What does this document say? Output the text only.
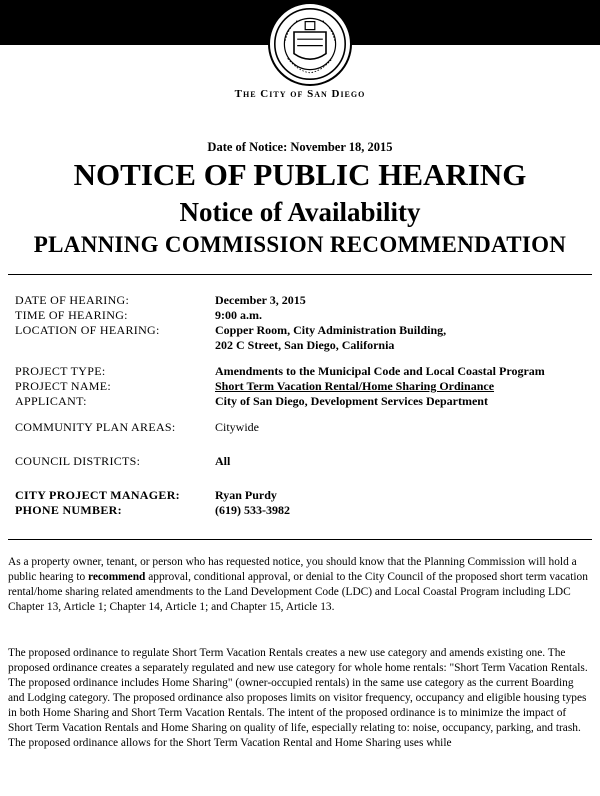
The City of San Diego
Date of Notice: November 18, 2015
NOTICE OF PUBLIC HEARING
Notice of Availability
PLANNING COMMISSION RECOMMENDATION
DATE OF HEARING:	December 3, 2015
TIME OF HEARING:	9:00 a.m.
LOCATION OF HEARING:	Copper Room, City Administration Building,
202 C Street, San Diego, California
PROJECT TYPE:	Amendments to the Municipal Code and Local Coastal Program
PROJECT NAME:	Short Term Vacation Rental/Home Sharing Ordinance
APPLICANT:	City of San Diego, Development Services Department
COMMUNITY PLAN AREAS:	Citywide
COUNCIL DISTRICTS:	All
CITY PROJECT MANAGER:	Ryan Purdy
PHONE NUMBER:	(619) 533-3982

As a property owner, tenant, or person who has requested notice, you should know that the Planning Commission will hold a public hearing to recommend approval, conditional approval, or denial to the City Council of the proposed short term vacation rental/home sharing related amendments to the Land Development Code (LDC) and Local Coastal Program including LDC Chapter 13, Article 1; Chapter 14, Article 1; and Chapter 15, Article 13.

The proposed ordinance to regulate Short Term Vacation Rentals creates a new use category and amends existing one. The proposed ordinance creates a separately regulated and new use category for whole home rentals: "Short Term Vacation Rentals. The proposed ordinance includes Home Sharing" (owner-occupied rentals) in the same use category as the current Boarding and Lodging category. The proposed ordinance also proposes limits on visitor frequency, occupancy and eligible housing types in both Home Sharing and Short Term Vacation Rentals. The intent of the proposed ordinance is to minimize the impact of Short Term Vacation Rentals and Home Sharing on quality of life, especially relating to: noise, occupancy, parking, and trash. The proposed ordinance allows for the Short Term Vacation Rental and Home Sharing uses while
